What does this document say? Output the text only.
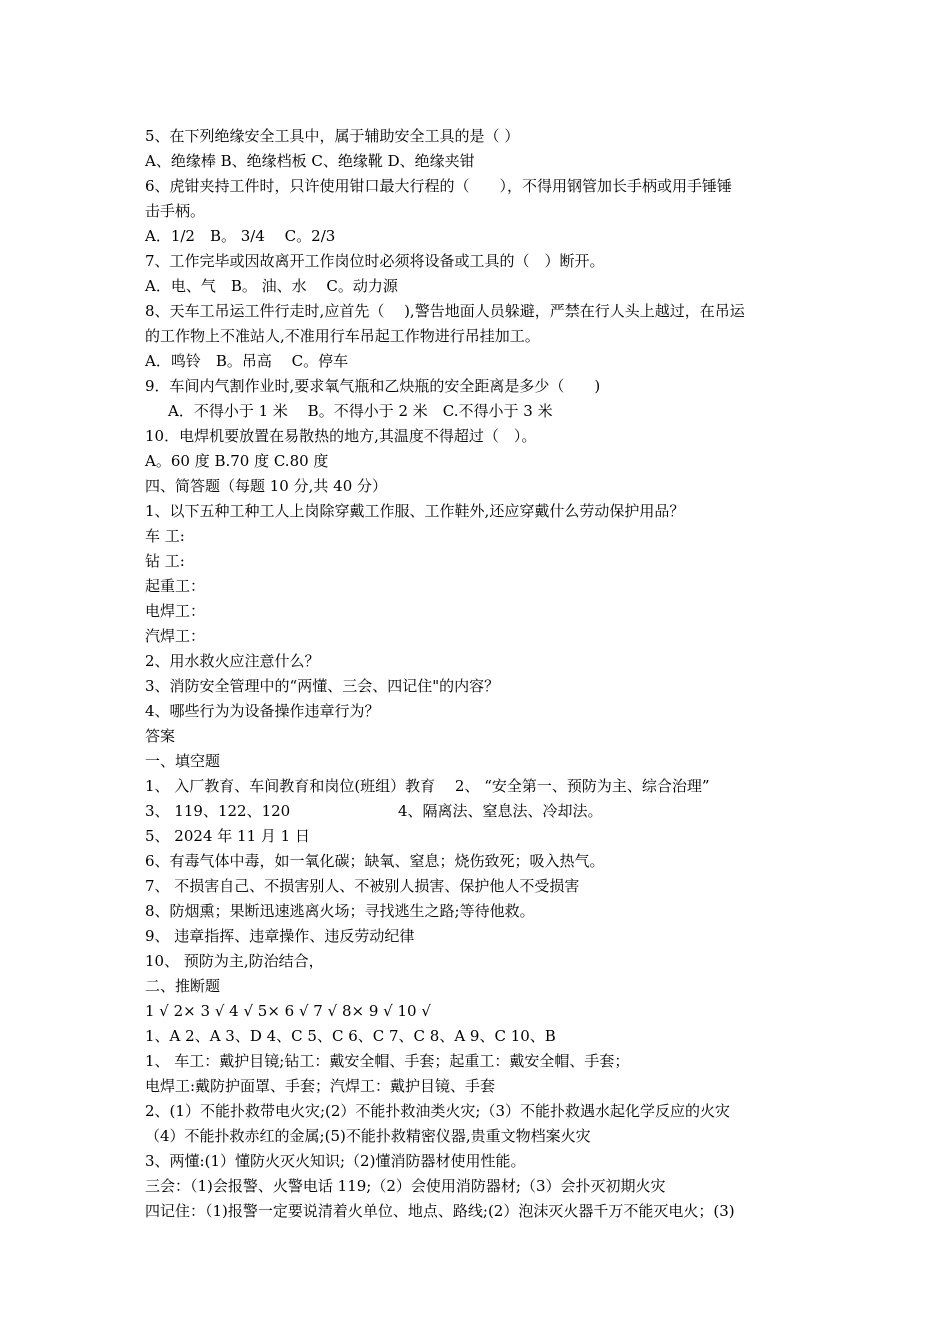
5、在下列绝缘安全工具中，属于辅助安全工具的是（ ）
A、绝缘棒 B、绝缘档板 C、绝缘靴 D、绝缘夹钳
6、虎钳夹持工件时，只许使用钳口最大行程的（　　），不得用钢管加长手柄或用手锤锤
击手柄。
A．1/2　B。 3/4　 C。2/3
7、工作完毕或因故离开工作岗位时必须将设备或工具的（　）断开。
A．电、气　B。 油、水　 C。动力源
8、天车工吊运工件行走时,应首先（　 ),警告地面人员躲避，严禁在行人头上越过，在吊运
的工作物上不准站人,不准用行车吊起工作物进行吊挂加工。
A．鸣铃　B。吊高　 C。停车
9．车间内气割作业时,要求氧气瓶和乙炔瓶的安全距离是多少（　　)
A．不得小于 1 米　 B。不得小于 2 米　C.不得小于 3 米
10．电焊机要放置在易散热的地方,其温度不得超过（　）。
A。60 度 B.70 度 C.80 度
四、简答题（每题 10 分,共 40 分）
1、以下五种工种工人上岗除穿戴工作服、工作鞋外,还应穿戴什么劳动保护用品？
车 工:
钻 工:
起重工：
电焊工：
汽焊工：
2、用水救火应注意什么？
3、消防安全管理中的“两懂、三会、四记住"的内容？
4、哪些行为为设备操作违章行为？
答案
一、填空题
1、 入厂教育、车间教育和岗位(班组）教育　 2、 “安全第一、预防为主、综合治理”
3、 119、122、120	4、隔离法、窒息法、冷却法。
5、 2024 年 11 月 1 日
6、有毒气体中毒，如一氧化碳；缺氧、窒息；烧伤致死；吸入热气。
7、 不损害自己、不损害别人、不被别人损害、保护他人不受损害
8、防烟熏；果断迅速逃离火场；寻找逃生之路;等待他救。
9、 违章指挥、违章操作、违反劳动纪律
10、 预防为主,防治结合，
二、推断题
1 √ 2× 3 √ 4 √ 5× 6 √ 7 √ 8× 9 √ 10 √
1、A 2、A 3、D 4、C 5、C 6、C 7、C 8、A 9、C 10、B
1、 车工：戴护目镜;钻工：戴安全帽、手套；起重工：戴安全帽、手套；
电焊工:戴防护面罩、手套；汽焊工：戴护目镜、手套
2、(1）不能扑救带电火灾;(2）不能扑救油类火灾;（3）不能扑救遇水起化学反应的火灾
（4）不能扑救赤红的金属;(5)不能扑救精密仪器,贵重文物档案火灾
3、两懂:(1）懂防火灭火知识;（2)懂消防器材使用性能。
三会：（1)会报警、火警电话 119;（2）会使用消防器材;（3）会扑灭初期火灾
四记住：（1)报警一定要说清着火单位、地点、路线;(2）泡沫灭火器千万不能灭电火；(3)
